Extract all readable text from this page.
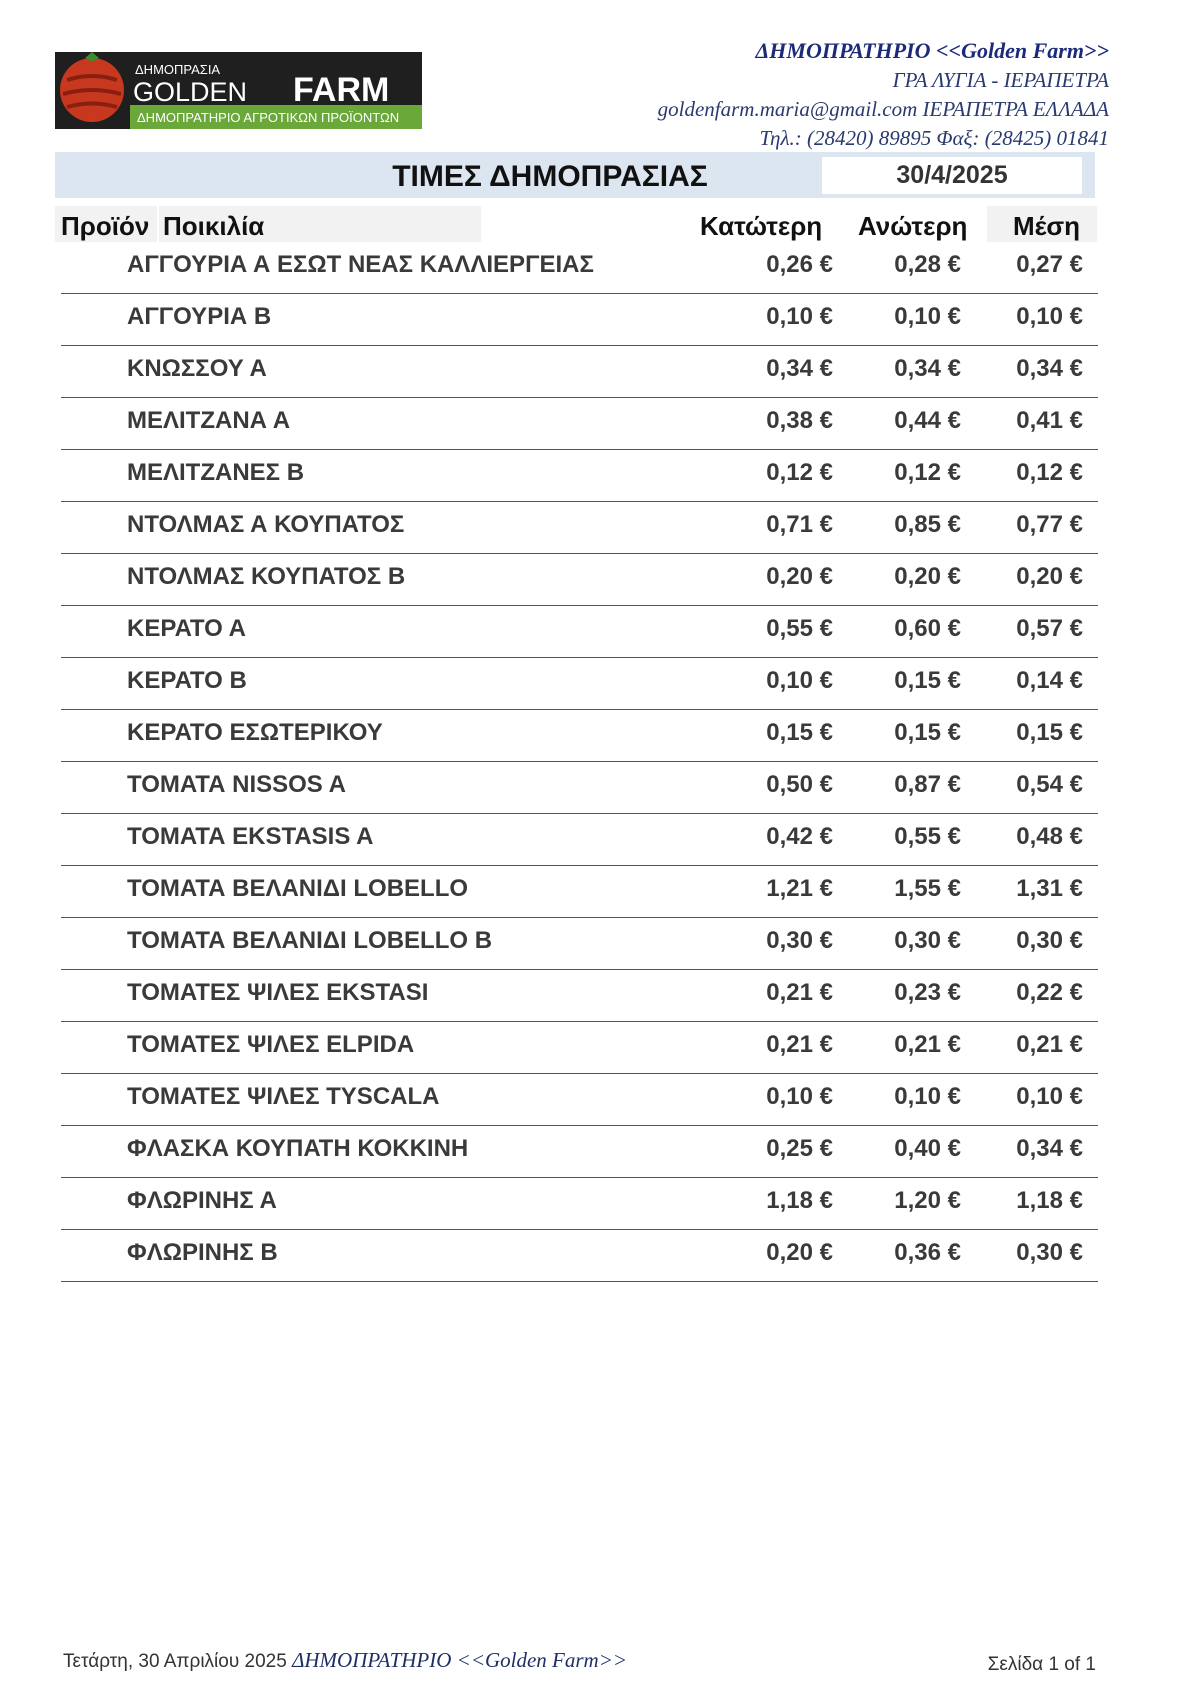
ΔΗΜΟΠΡΑΣΙΑ
GOLDEN FARM
ΔΗΜΟΠΡΑΤΗΡΙΟ ΑΓΡΟΤΙΚΩΝ ΠΡΟΪΟΝΤΩΝ
ΔΗΜΟΠΡΑΤΗΡΙΟ <<Golden Farm>>
ΓΡΑ ΛΥΓΙΑ - ΙΕΡΑΠΕΤΡΑ
goldenfarm.maria@gmail.com ΙΕΡΑΠΕΤΡΑ ΕΛΛΑΔΑ
Τηλ.: (28420) 89895 Φαξ: (28425) 01841
ΤΙΜΕΣ ΔΗΜΟΠΡΑΣΙΑΣ	30/4/2025
Προϊόν Ποικιλία	Κατώτερη	Ανώτερη	Μέση
ΑΓΓΟΥΡΙΑ Α ΕΣΩΤ ΝΕΑΣ ΚΑΛΛΙΕΡΓΕΙΑΣ	0,26 €	0,28 € 0,27 €
ΑΓΓΟΥΡΙΑ Β	0,10 €	0,10 € 0,10 €
ΚΝΩΣΣΟΥ Α	0,34 €	0,34 € 0,34 €
ΜΕΛΙΤΖΑΝΑ Α	0,38 €	0,44 € 0,41 €
ΜΕΛΙΤΖΑΝΕΣ Β	0,12 €	0,12 € 0,12 €
ΝΤΟΛΜΑΣ Α ΚΟΥΠΑΤΟΣ	0,71 €	0,85 € 0,77 €
ΝΤΟΛΜΑΣ ΚΟΥΠΑΤΟΣ Β	0,20 €	0,20 € 0,20 €
ΚΕΡΑΤΟ Α	0,55 €	0,60 € 0,57 €
ΚΕΡΑΤΟ Β	0,10 €	0,15 € 0,14 €
ΚΕΡΑΤΟ ΕΣΩΤΕΡΙΚΟΥ	0,15 €	0,15 € 0,15 €
ΤΟΜΑΤΑ NISSOS A	0,50 €	0,87 € 0,54 €
ΤΟΜΑΤΑ EKSTASIS A	0,42 €	0,55 € 0,48 €
ΤΟΜΑΤΑ ΒΕΛΑΝΙΔΙ LOBELLO	1,21 €	1,55 € 1,31 €
ΤΟΜΑΤΑ ΒΕΛΑΝΙΔΙ LOBELLO B	0,30 €	0,30 € 0,30 €
ΤΟΜΑΤΕΣ ΨΙΛΕΣ EKSTASI	0,21 €	0,23 € 0,22 €
ΤΟΜΑΤΕΣ ΨΙΛΕΣ ELPIDA	0,21 €	0,21 € 0,21 €
ΤΟΜΑΤΕΣ ΨΙΛΕΣ TYSCALA	0,10 €	0,10 € 0,10 €
ΦΛΑΣΚΑ ΚΟΥΠΑΤΗ ΚΟΚΚΙΝΗ	0,25 €	0,40 € 0,34 €
ΦΛΩΡΙΝΗΣ Α	1,18 €	1,20 € 1,18 €
ΦΛΩΡΙΝΗΣ Β	0,20 €	0,36 € 0,30 €
Τετάρτη, 30 Απριλίου 2025 ΔΗΜΟΠΡΑΤΗΡΙΟ <<Golden Farm>>	Σελίδα 1 of 1
